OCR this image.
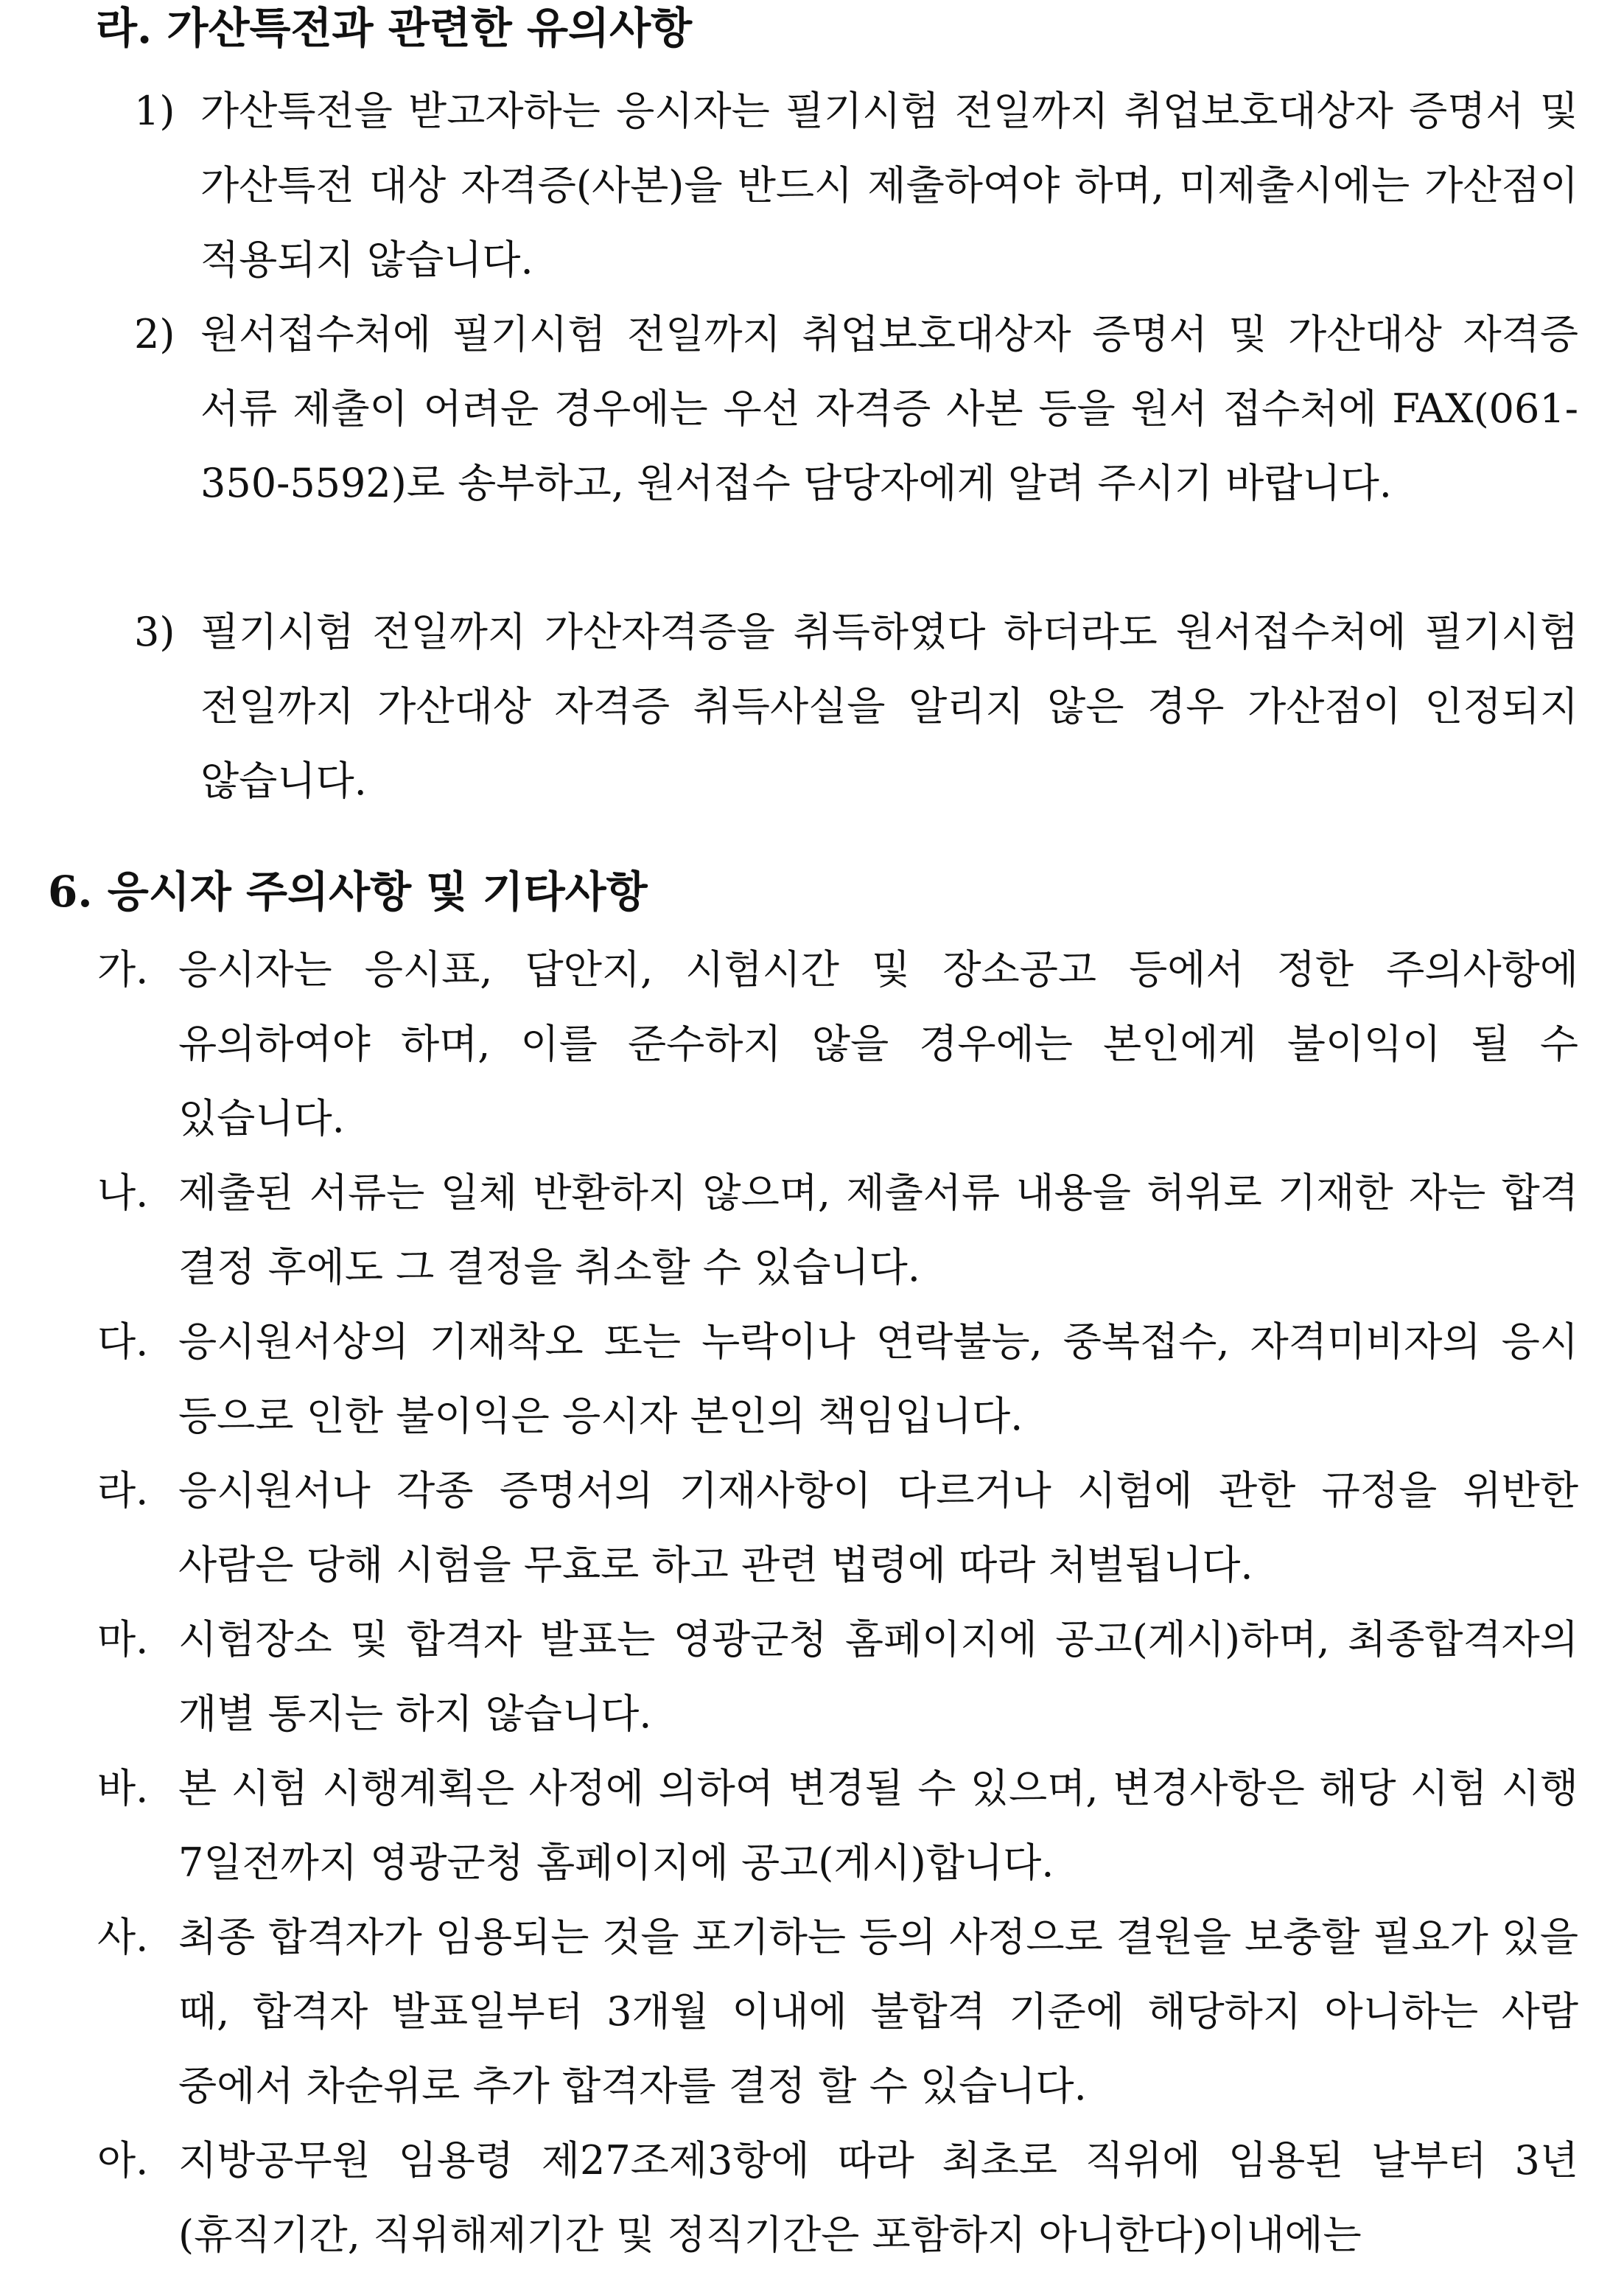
라. 가산특전과 관련한 유의사항
1) 가산특전을 받고자하는 응시자는 필기시험 전일까지 취업보호대상자 증명서 및 가산특전 대상 자격증(사본)을 반드시 제출하여야 하며, 미제출시에는 가산점이 적용되지 않습니다.

2) 원서접수처에 필기시험 전일까지 취업보호대상자 증명서 및 가산대상 자격증 서류 제출이 어려운 경우에는 우선 자격증 사본 등을 원서 접수처에 FAX(061-350-5592)로 송부하고, 원서접수 담당자에게 알려 주시기 바랍니다.

3) 필기시험 전일까지 가산자격증을 취득하였다 하더라도 원서접수처에 필기시험 전일까지 가산대상 자격증 취득사실을 알리지 않은 경우 가산점이 인정되지 않습니다.

6. 응시자 주의사항 및 기타사항
가. 응시자는 응시표, 답안지, 시험시간 및 장소공고 등에서 정한 주의사항에 유의하여야 하며, 이를 준수하지 않을 경우에는 본인에게 불이익이 될 수 있습니다.

나. 제출된 서류는 일체 반환하지 않으며, 제출서류 내용을 허위로 기재한 자는 합격 결정 후에도 그 결정을 취소할 수 있습니다.

다. 응시원서상의 기재착오 또는 누락이나 연락불능, 중복접수, 자격미비자의 응시 등으로 인한 불이익은 응시자 본인의 책임입니다.

라. 응시원서나 각종 증명서의 기재사항이 다르거나 시험에 관한 규정을 위반한 사람은 당해 시험을 무효로 하고 관련 법령에 따라 처벌됩니다.

마. 시험장소 및 합격자 발표는 영광군청 홈페이지에 공고(게시)하며, 최종합격자의 개별 통지는 하지 않습니다.

바. 본 시험 시행계획은 사정에 의하여 변경될 수 있으며, 변경사항은 해당 시험 시행 7일전까지 영광군청 홈페이지에 공고(게시)합니다.

사. 최종 합격자가 임용되는 것을 포기하는 등의 사정으로 결원을 보충할 필요가 있을 때, 합격자 발표일부터 3개월 이내에 불합격 기준에 해당하지 아니하는 사람 중에서 차순위로 추가 합격자를 결정 할 수 있습니다.

아. 지방공무원 임용령 제27조제3항에 따라 최초로 직위에 임용된 날부터 3년(휴직기간, 직위해제기간 및 정직기간은 포함하지 아니한다)이내에는
